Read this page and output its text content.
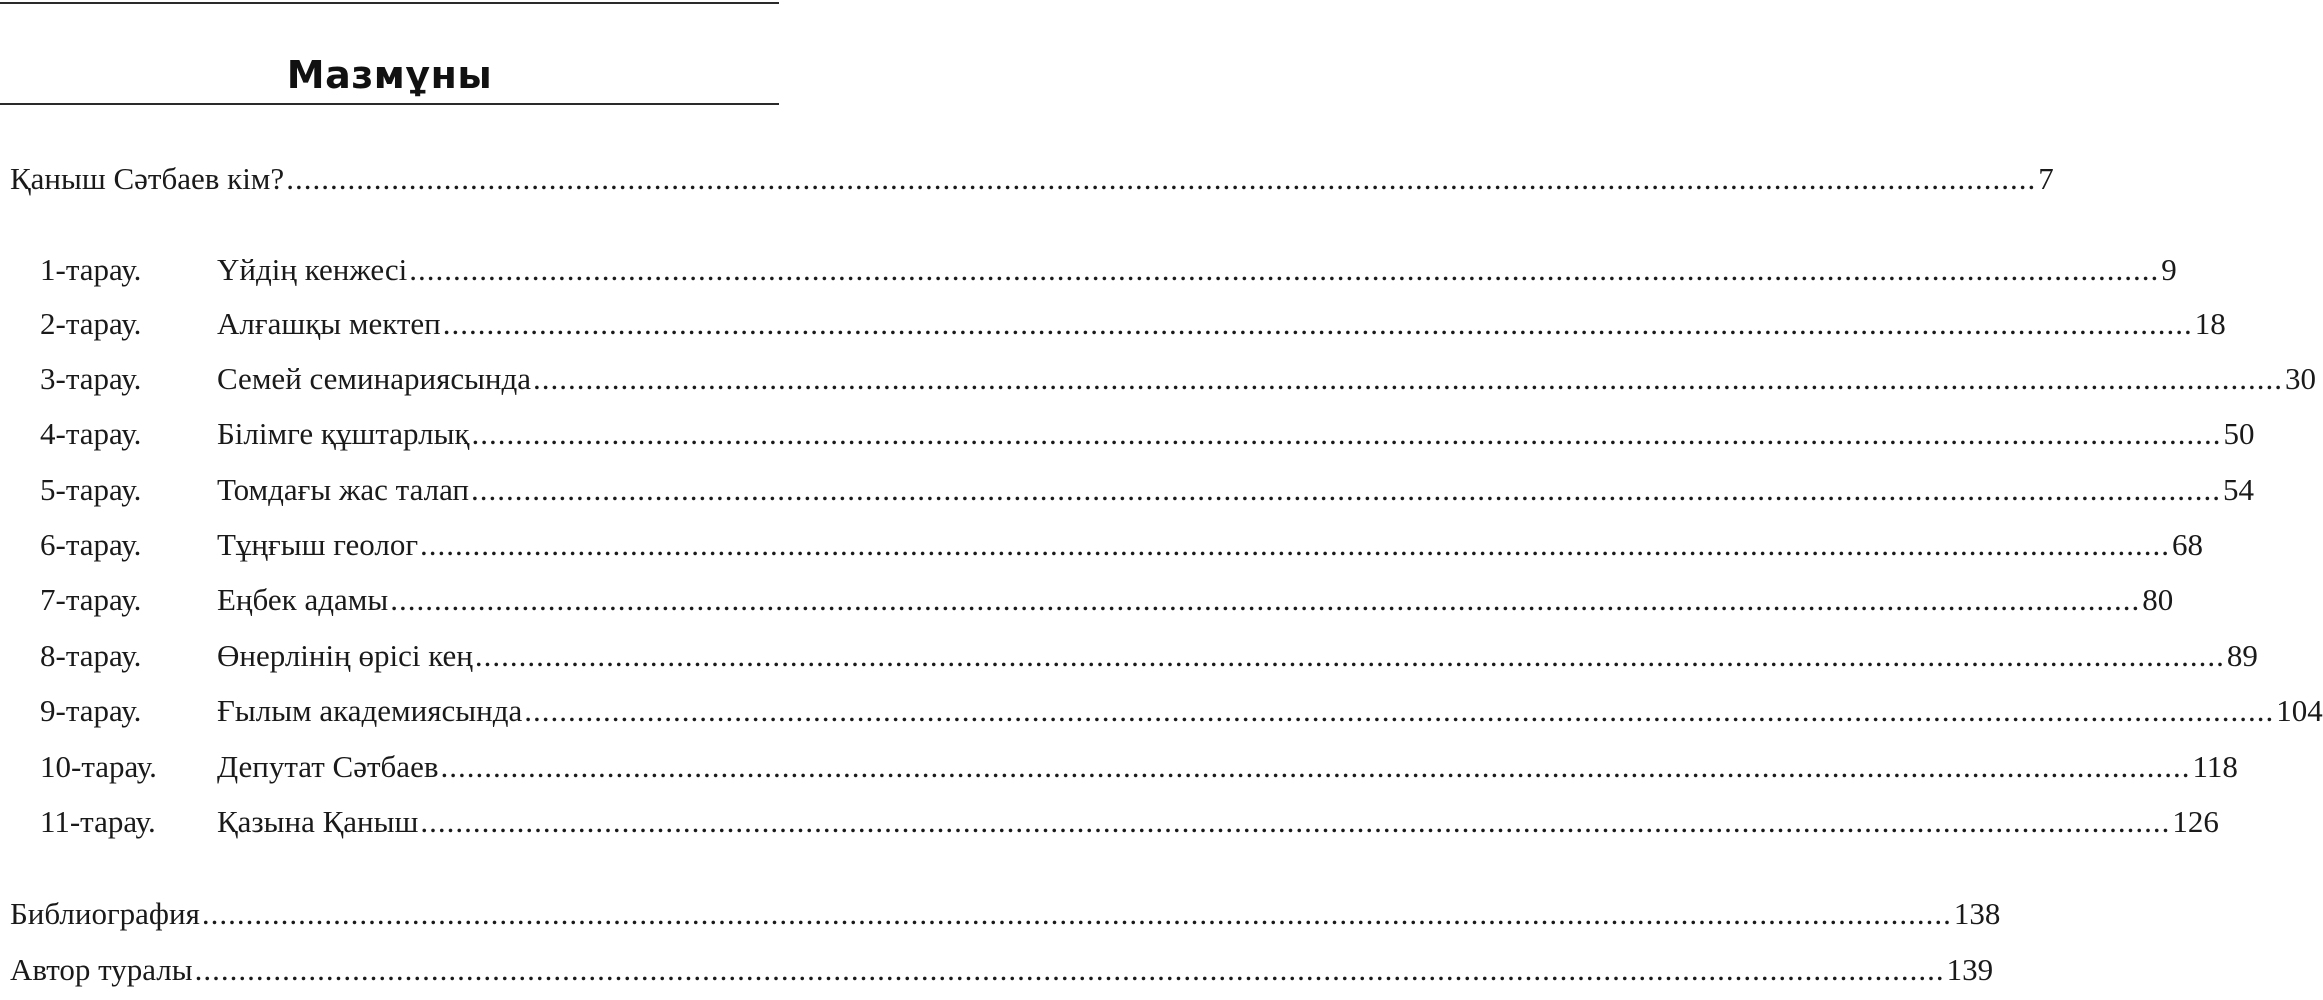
Мазмұны
Қаныш Сәтбаев кім? ........................................................................................................................................................................................................ 7
1-тарау.	Үйдің кенжесі ........................................................................................................................................................................................................ 9
2-тарау.	Алғашқы мектеп ........................................................................................................................................................................................................ 18
3-тарау.	Семей семинариясында ........................................................................................................................................................................................................ 30
4-тарау.	Білімге құштарлық ........................................................................................................................................................................................................ 50
5-тарау.	Томдағы жас талап ........................................................................................................................................................................................................ 54
6-тарау.	Тұңғыш геолог ........................................................................................................................................................................................................ 68
7-тарау.	Еңбек адамы ........................................................................................................................................................................................................ 80
8-тарау.	Өнерлінің өрісі кең ........................................................................................................................................................................................................ 89
9-тарау.	Ғылым академиясында ........................................................................................................................................................................................................ 104
10-тарау.	Депутат Сәтбаев ........................................................................................................................................................................................................ 118
11-тарау.	Қазына Қаныш ........................................................................................................................................................................................................ 126
Библиография ........................................................................................................................................................................................................ 138
Автор туралы ........................................................................................................................................................................................................ 139
